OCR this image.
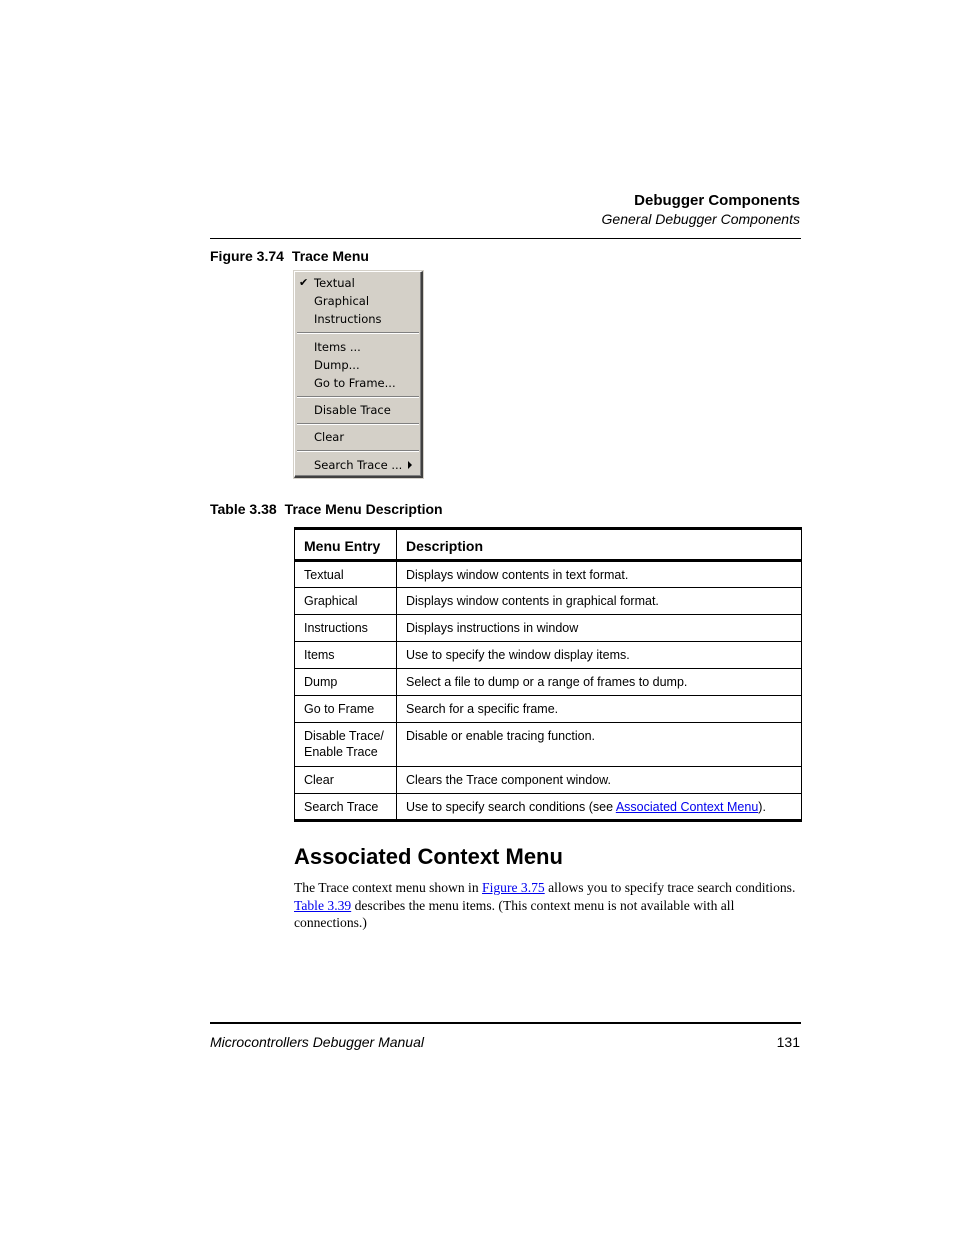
Debugger Components
General Debugger Components
Figure 3.74 Trace Menu
✔ Textual
Graphical
Instructions
Items ...
Dump...
Go to Frame...
Disable Trace
Clear
Search Trace ...
Table 3.38 Trace Menu Description
Menu Entry	Description
Textual	Displays window contents in text format.
Graphical	Displays window contents in graphical format.
Instructions	Displays instructions in window
Items	Use to specify the window display items.
Dump	Select a file to dump or a range of frames to dump.
Go to Frame	Search for a specific frame.
Disable Trace/
Enable Trace	Disable or enable tracing function.
Clear	Clears the Trace component window.
Search Trace	Use to specify search conditions (see Associated Context Menu).
Associated Context Menu
The Trace context menu shown in Figure 3.75 allows you to specify trace search conditions. Table 3.39 describes the menu items. (This context menu is not available with all connections.)
Microcontrollers Debugger Manual	131
